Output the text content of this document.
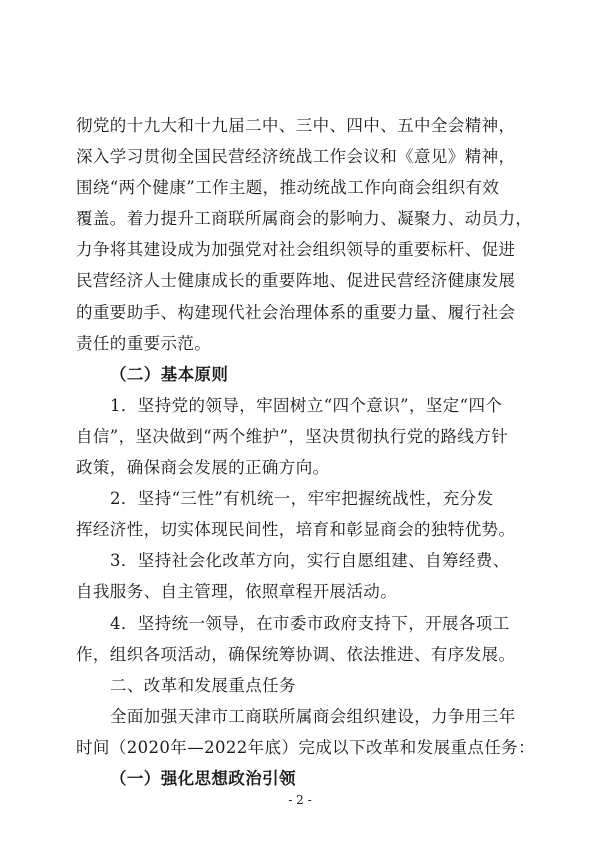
彻党的十九大和十九届二中、三中、四中、五中全会精神，
深入学习贯彻全国民营经济统战工作会议和《意见》精神，
围绕“两个健康”工作主题，推动统战工作向商会组织有效
覆盖。着力提升工商联所属商会的影响力、凝聚力、动员力，
力争将其建设成为加强党对社会组织领导的重要标杆、促进
民营经济人士健康成长的重要阵地、促进民营经济健康发展
的重要助手、构建现代社会治理体系的重要力量、履行社会
责任的重要示范。
（二）基本原则
1．坚持党的领导，牢固树立“四个意识”，坚定“四个
自信”，坚决做到“两个维护”，坚决贯彻执行党的路线方针
政策，确保商会发展的正确方向。
2．坚持“三性”有机统一，牢牢把握统战性，充分发
挥经济性，切实体现民间性，培育和彰显商会的独特优势。
3．坚持社会化改革方向，实行自愿组建、自筹经费、
自我服务、自主管理，依照章程开展活动。
4．坚持统一领导，在市委市政府支持下，开展各项工
作，组织各项活动，确保统筹协调、依法推进、有序发展。
二、改革和发展重点任务
全面加强天津市工商联所属商会组织建设，力争用三年
时间（2020年—2022年底）完成以下改革和发展重点任务：
（一）强化思想政治引领
- 2 -
